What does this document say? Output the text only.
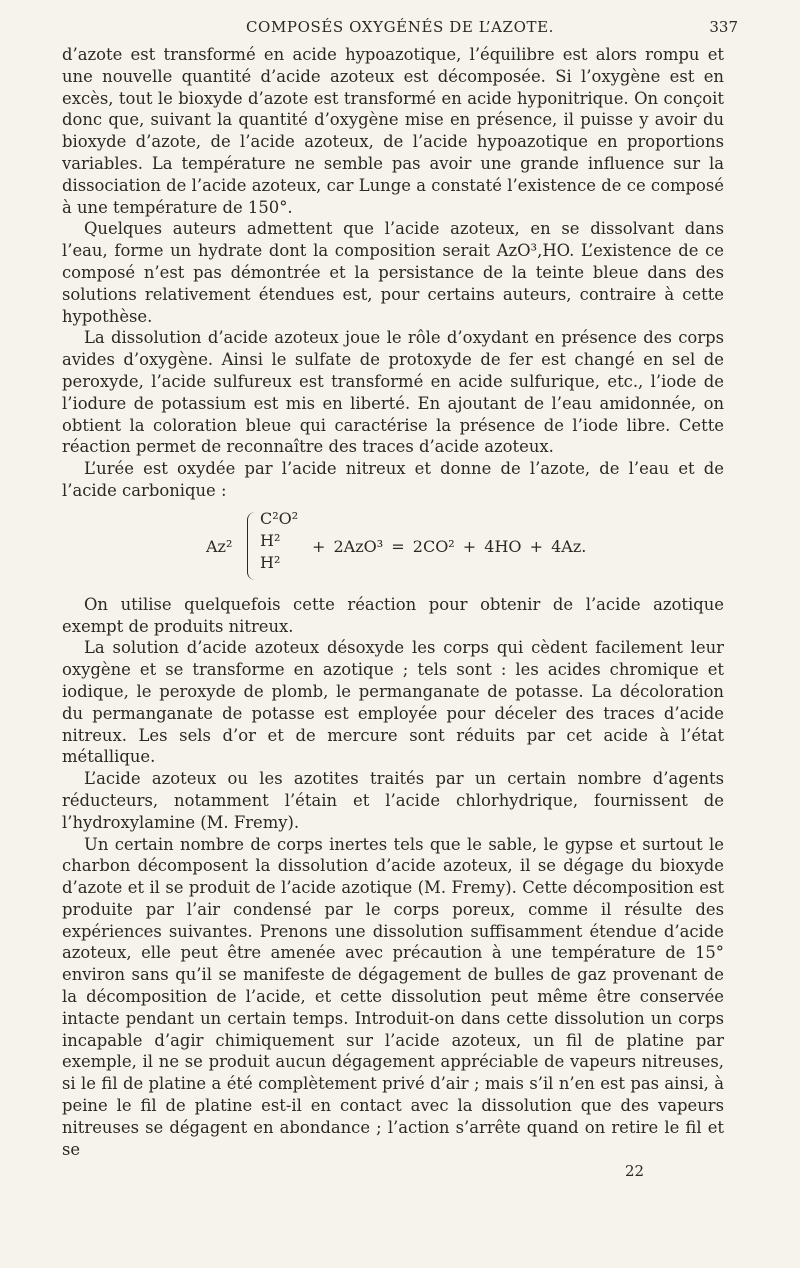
COMPOSÉS OXYGÉNÉS DE L’AZOTE.	337

d’azote est transformé en acide hypoazotique, l’équilibre est alors rompu et une nouvelle quantité d’acide azoteux est décomposée. Si l’oxygène est en excès, tout le bioxyde d’azote est transformé en acide hyponitrique. On conçoit donc que, suivant la quantité d’oxygène mise en présence, il puisse y avoir du bioxyde d’azote, de l’acide azoteux, de l’acide hypoazotique en proportions variables. La température ne semble pas avoir une grande influence sur la dissociation de l’acide azoteux, car Lunge a constaté l’existence de ce composé à une température de 150°.

Quelques auteurs admettent que l’acide azoteux, en se dissolvant dans l’eau, forme un hydrate dont la composition serait AzO³,HO. L’existence de ce composé n’est pas démontrée et la persistance de la teinte bleue dans des solutions relativement étendues est, pour certains auteurs, contraire à cette hypothèse.

La dissolution d’acide azoteux joue le rôle d’oxydant en présence des corps avides d’oxygène. Ainsi le sulfate de protoxyde de fer est changé en sel de peroxyde, l’acide sulfureux est transformé en acide sulfurique, etc., l’iode de l’iodure de potassium est mis en liberté. En ajoutant de l’eau amidonnée, on obtient la coloration bleue qui caractérise la présence de l’iode libre. Cette réaction permet de reconnaître des traces d’acide azoteux.

L’urée est oxydée par l’acide nitreux et donne de l’azote, de l’eau et de l’acide carbonique :

Az²
C²O²
H²
H²
+ 2AzO³ = 2CO² + 4HO + 4Az.

On utilise quelquefois cette réaction pour obtenir de l’acide azotique exempt de produits nitreux.

La solution d’acide azoteux désoxyde les corps qui cèdent facilement leur oxygène et se transforme en azotique ; tels sont : les acides chromique et iodique, le peroxyde de plomb, le permanganate de potasse. La décoloration du permanganate de potasse est employée pour déceler des traces d’acide nitreux. Les sels d’or et de mercure sont réduits par cet acide à l’état métallique.

L’acide azoteux ou les azotites traités par un certain nombre d’agents réducteurs, notamment l’étain et l’acide chlorhydrique, fournissent de l’hydroxylamine (M. Fremy).

Un certain nombre de corps inertes tels que le sable, le gypse et surtout le charbon décomposent la dissolution d’acide azoteux, il se dégage du bioxyde d’azote et il se produit de l’acide azotique (M. Fremy). Cette décomposition est produite par l’air condensé par le corps poreux, comme il résulte des expériences suivantes. Prenons une dissolution suffisamment étendue d’acide azoteux, elle peut être amenée avec précaution à une température de 15° environ sans qu’il se manifeste de dégagement de bulles de gaz provenant de la décomposition de l’acide, et cette dissolution peut même être conservée intacte pendant un certain temps. Introduit-on dans cette dissolution un corps incapable d’agir chimiquement sur l’acide azoteux, un fil de platine par exemple, il ne se produit aucun dégagement appréciable de vapeurs nitreuses, si le fil de platine a été complètement privé d’air ; mais s’il n’en est pas ainsi, à peine le fil de platine est-il en contact avec la dissolution que des vapeurs nitreuses se dégagent en abondance ; l’action s’arrête quand on retire le fil et se

22
